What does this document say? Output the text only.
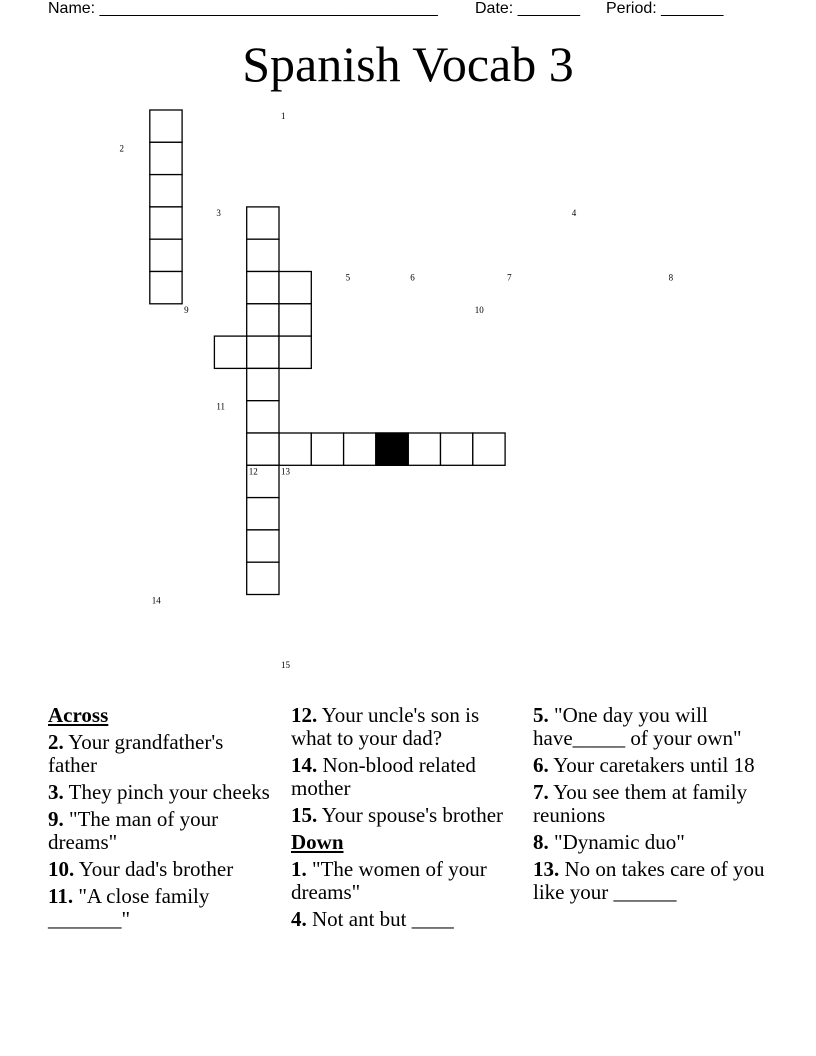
Name: ______________________________________ Date: _______ Period: _______
Spanish Vocab 3
1
2
3	4
5	6	7	8
9	10
11
12	13
14
15
Across
2. Your grandfather's father
3. They pinch your cheeks
9. "The man of your dreams"
10. Your dad's brother
11. "A close family _______"
12. Your uncle's son is what to your dad?
14. Non-blood related mother
15. Your spouse's brother
Down
1. "The women of your dreams"
4. Not ant but ____
5. "One day you will have_____ of your own"
6. Your caretakers until 18
7. You see them at family reunions
8. "Dynamic duo"
13. No on takes care of you like your ______
